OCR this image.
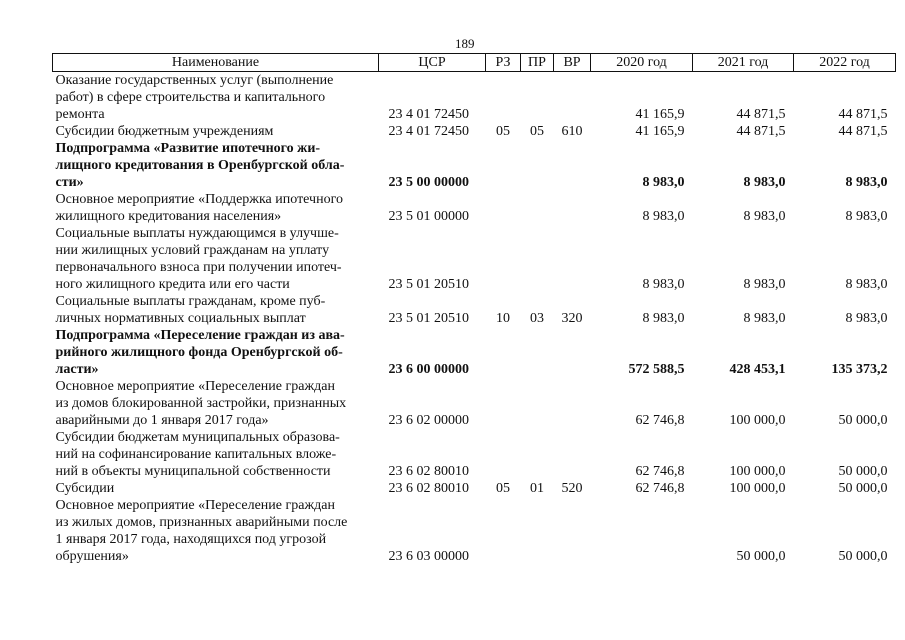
189
Наименование	ЦСР	РЗ	ПР	ВР	2020 год	2021 год	2022 год

Оказание государственных услуг (выполнение
работ) в сфере строительства и капитального
ремонта	23 4 01 72450				41 165,9	44 871,5	44 871,5
Субсидии бюджетным учреждениям	23 4 01 72450	05	05	610	41 165,9	44 871,5	44 871,5

Подпрограмма «Развитие ипотечного жи-
лищного кредитования в Оренбургской обла-
сти»	23 5 00 00000				8 983,0	8 983,0	8 983,0

Основное мероприятие «Поддержка ипотечного
жилищного кредитования населения»	23 5 01 00000				8 983,0	8 983,0	8 983,0

Социальные выплаты нуждающимся в улучше-
нии жилищных условий гражданам на уплату
первоначального взноса при получении ипотеч-
ного жилищного кредита или его части	23 5 01 20510				8 983,0	8 983,0	8 983,0

Социальные выплаты гражданам, кроме пуб-
личных нормативных социальных выплат	23 5 01 20510	10	03	320	8 983,0	8 983,0	8 983,0

Подпрограмма «Переселение граждан из ава-
рийного жилищного фонда Оренбургской об-
ласти»	23 6 00 00000				572 588,5	428 453,1	135 373,2

Основное мероприятие «Переселение граждан
из домов блокированной застройки, признанных
аварийными до 1 января 2017 года»	23 6 02 00000				62 746,8	100 000,0	50 000,0

Субсидии бюджетам муниципальных образова-
ний на софинансирование капитальных вложе-
ний в объекты муниципальной собственности	23 6 02 80010				62 746,8	100 000,0	50 000,0
Субсидии	23 6 02 80010	05	01	520	62 746,8	100 000,0	50 000,0

Основное мероприятие «Переселение граждан
из жилых домов, признанных аварийными после
1 января 2017 года, находящихся под угрозой
обрушения»	23 6 03 00000					50 000,0	50 000,0
